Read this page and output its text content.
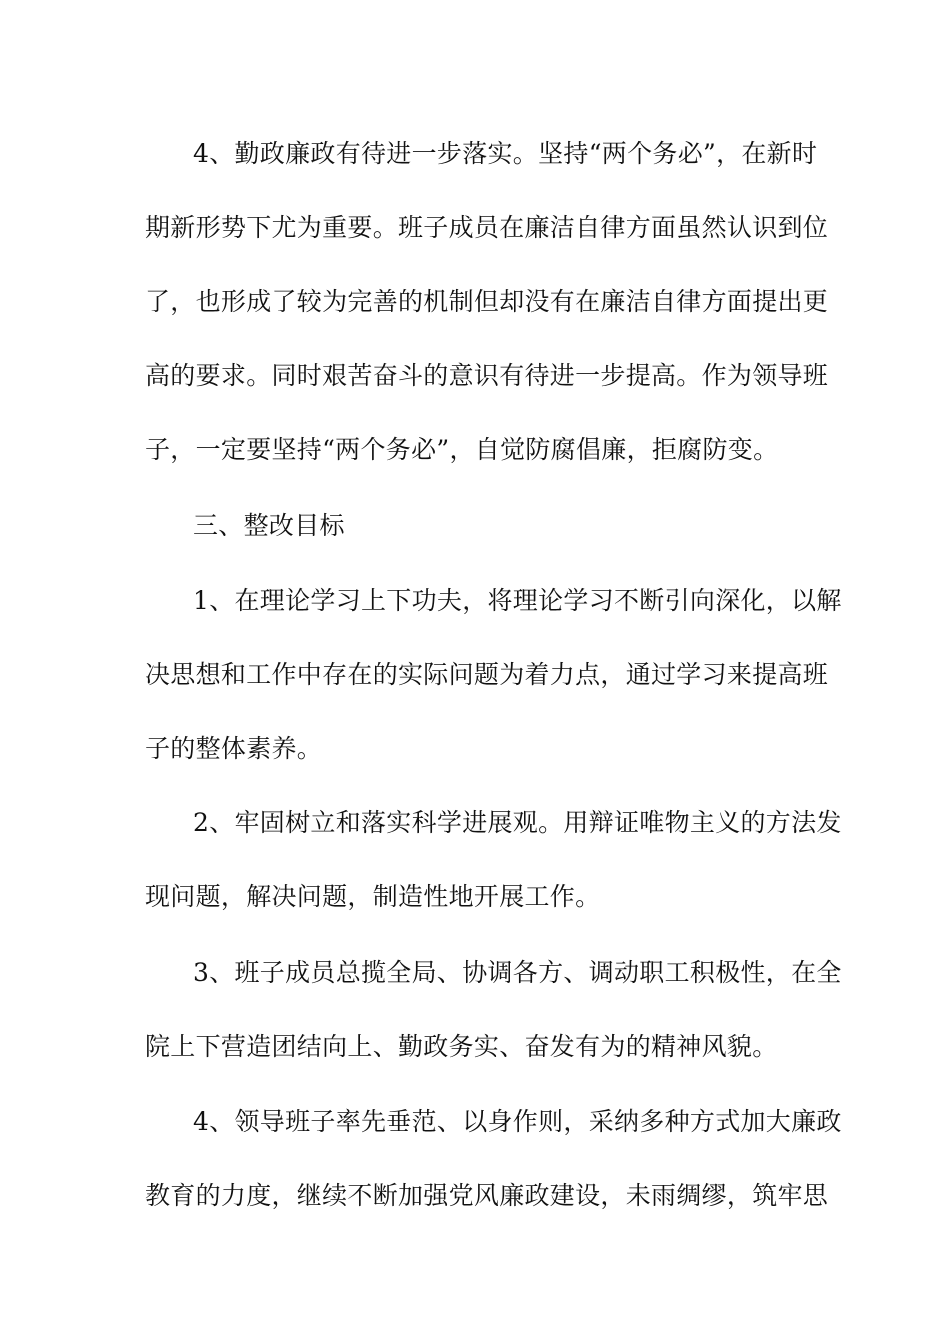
4、勤政廉政有待进一步落实。坚持“两个务必”，在新时
期新形势下尤为重要。班子成员在廉洁自律方面虽然认识到位
了，也形成了较为完善的机制但却没有在廉洁自律方面提出更
高的要求。同时艰苦奋斗的意识有待进一步提高。作为领导班
子，一定要坚持“两个务必”，自觉防腐倡廉，拒腐防变。
三、整改目标
1、在理论学习上下功夫，将理论学习不断引向深化，以解
决思想和工作中存在的实际问题为着力点，通过学习来提高班
子的整体素养。
2、牢固树立和落实科学进展观。用辩证唯物主义的方法发
现问题，解决问题，制造性地开展工作。
3、班子成员总揽全局、协调各方、调动职工积极性，在全
院上下营造团结向上、勤政务实、奋发有为的精神风貌。
4、领导班子率先垂范、以身作则，采纳多种方式加大廉政
教育的力度，继续不断加强党风廉政建设，未雨绸缪，筑牢思
